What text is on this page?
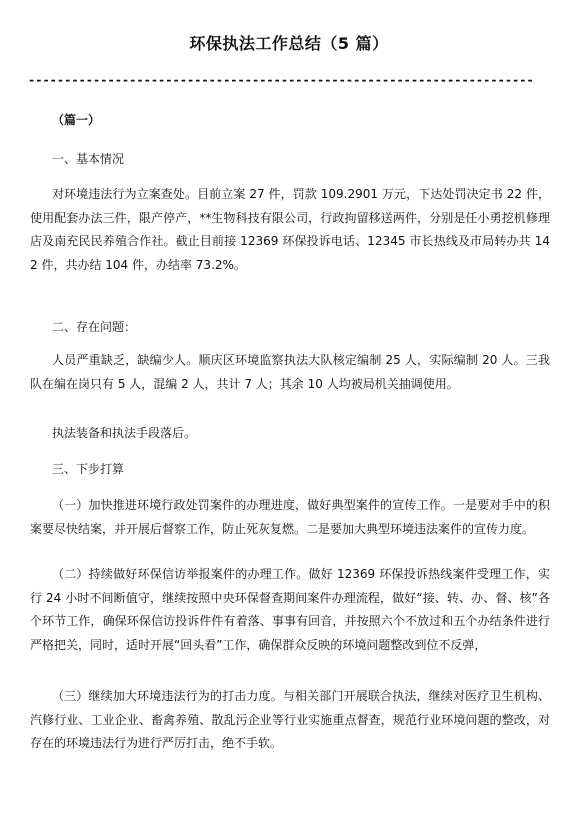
环保执法工作总结（5 篇）
----------------------------------------------------------------------
（篇一）
一、基本情况
对环境违法行为立案查处。目前立案 27 件，罚款 109.2901 万元，下达处罚决定书 22 件，使用配套办法三件，限产停产，**生物科技有限公司，行政拘留移送两件，分别是任小勇挖机修理店及南充民民养殖合作社。截止目前接 12369 环保投诉电话、12345 市长热线及市局转办共 142 件，共办结 104 件，办结率 73.2%。
二、存在问题：
人员严重缺乏，缺编少人。顺庆区环境监察执法大队核定编制 25 人，实际编制 20 人。三我队在编在岗只有 5 人，混编 2 人，共计 7 人；其余 10 人均被局机关抽调使用。
执法装备和执法手段落后。
三、下步打算
（一）加快推进环境行政处罚案件的办理进度，做好典型案件的宣传工作。一是要对手中的积案要尽快结案，并开展后督察工作，防止死灰复燃。二是要加大典型环境违法案件的宣传力度。
（二）持续做好环保信访举报案件的办理工作。做好 12369 环保投诉热线案件受理工作，实行 24 小时不间断值守，继续按照中央环保督查期间案件办理流程，做好“接、转、办、督、核”各个环节工作，确保环保信访投诉件件有着落、事事有回音，并按照六个不放过和五个办结条件进行严格把关，同时，适时开展“回头看”工作，确保群众反映的环境问题整改到位不反弹，
（三）继续加大环境违法行为的打击力度。与相关部门开展联合执法，继续对医疗卫生机构、汽修行业、工业企业、畜禽养殖、散乱污企业等行业实施重点督查，规范行业环境问题的整改，对存在的环境违法行为进行严厉打击，绝不手软。
